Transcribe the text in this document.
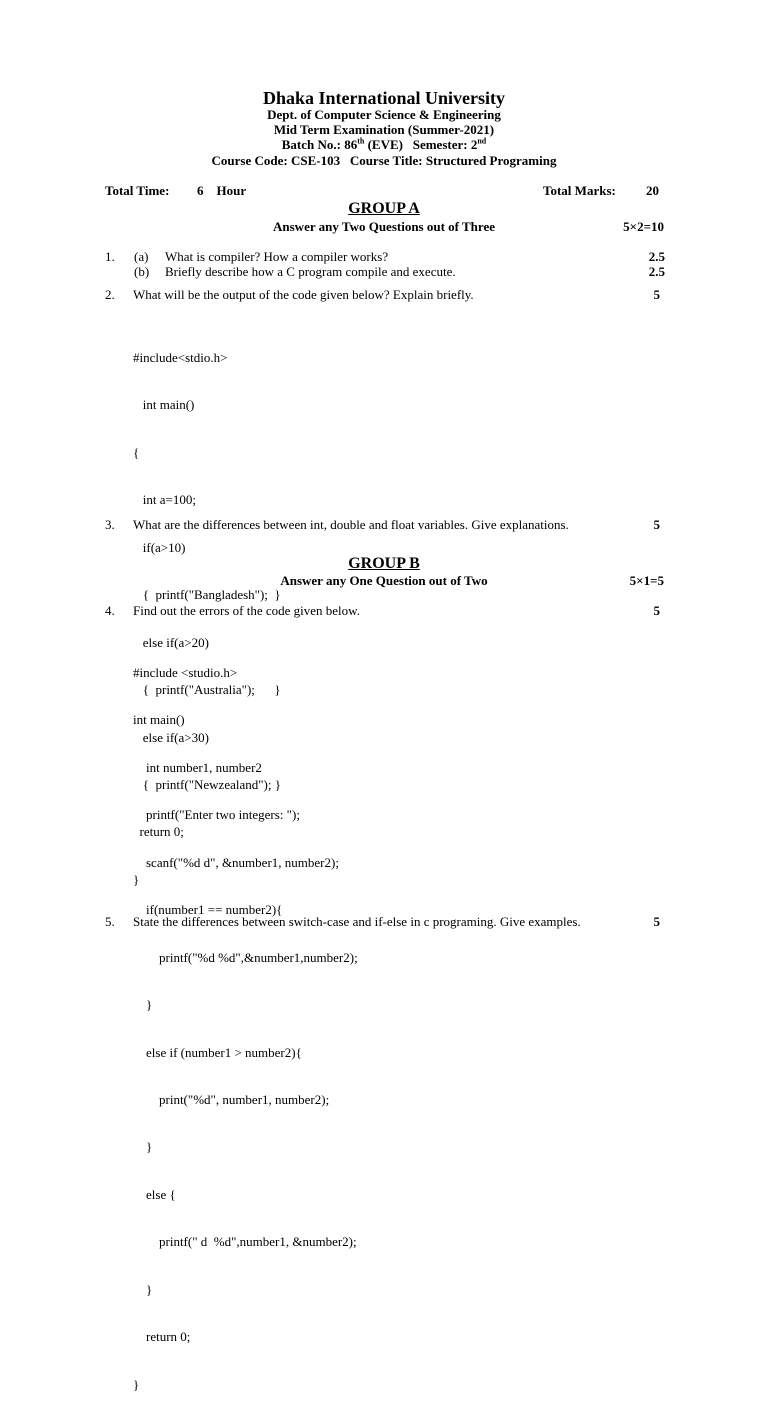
Dhaka International University
Dept. of Computer Science & Engineering
Mid Term Examination (Summer-2021)
Batch No.: 86th (EVE)   Semester: 2nd
Course Code: CSE-103   Course Title: Structured Programing
Total Time: 6    Hour	Total Marks: 20
GROUP A
Answer any Two Questions out of Three	5×2=10
1. (a) What is compiler? How a compiler works?	2.5
(b) Briefly describe how a C program compile and execute.	2.5
2. What will be the output of the code given below? Explain briefly.	5

#include<stdio.h>

int main()

{

int a=100;

if(a>10)

{  printf("Bangladesh");  }

else if(a>20)

{  printf("Australia");      }

else if(a>30)

{  printf("Newzealand"); }

return 0;

}

3. What are the differences between int, double and float variables. Give explanations.	5
GROUP B
Answer any One Question out of Two	5×1=5
4. Find out the errors of the code given below.	5

#include <studio.h>

int main()

int number1, number2

printf("Enter two integers: ");

scanf("%d d", &number1, number2);

if(number1 == number2){

printf("%d %d",&number1,number2);

}

else if (number1 > number2){

print("%d", number1, number2);

}

else {

printf(" d  %d",number1, &number2);

}

return 0;

}

5. State the differences between switch-case and if-else in c programing. Give examples.	5
